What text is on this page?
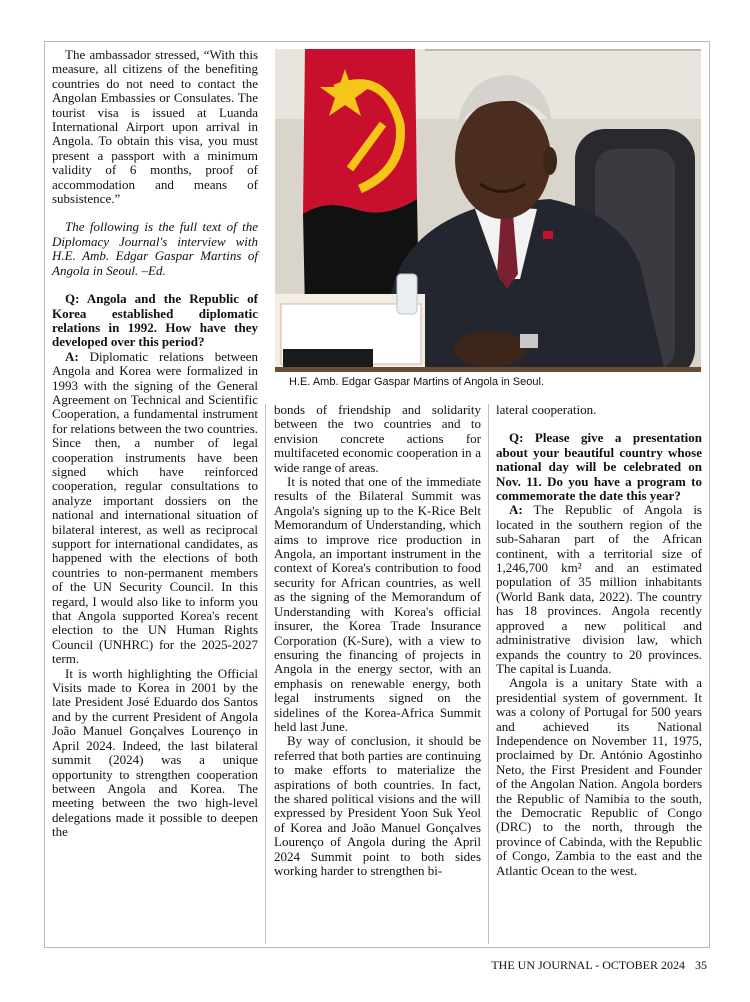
The ambassador stressed, “With this measure, all citizens of the benefiting countries do not need to contact the Angolan Embassies or Consulates. The tourist visa is issued at Luanda International Airport upon arrival in Angola. To obtain this visa, you must present a passport with a minimum validity of 6 months, proof of accommodation and means of subsistence.”

The following is the full text of the Diplomacy Journal's interview with H.E. Amb. Edgar Gaspar Martins of Angola in Seoul. –Ed.

Q: Angola and the Republic of Korea established diplomatic relations in 1992. How have they developed over this period?

A: Diplomatic relations between Angola and Korea were formalized in 1993 with the signing of the General Agreement on Technical and Scientific Cooperation, a fundamental instrument for relations between the two countries. Since then, a number of legal cooperation instruments have been signed which have reinforced cooperation, regular consultations to analyze important dossiers on the national and international situation of bilateral interest, as well as reciprocal support for international candidates, as happened with the elections of both countries to non-permanent members of the UN Security Council. In this regard, I would also like to inform you that Angola supported Korea's recent election to the UN Human Rights Council (UNHRC) for the 2025-2027 term.

It is worth highlighting the Official Visits made to Korea in 2001 by the late President José Eduardo dos Santos and by the current President of Angola João Manuel Gonçalves Lourenço in April 2024. Indeed, the last bilateral summit (2024) was a unique opportunity to strengthen cooperation between Angola and Korea. The meeting between the two high-level delegations made it possible to deepen the

H.E. Amb. Edgar Gaspar Martins of Angola in Seoul.

bonds of friendship and solidarity between the two countries and to envision concrete actions for multifaceted economic cooperation in a wide range of areas.

It is noted that one of the immediate results of the Bilateral Summit was Angola's signing up to the K-Rice Belt Memorandum of Understanding, which aims to improve rice production in Angola, an important instrument in the context of Korea's contribution to food security for African countries, as well as the signing of the Memorandum of Understanding with Korea's official insurer, the Korea Trade Insurance Corporation (K-Sure), with a view to ensuring the financing of projects in Angola in the energy sector, with an emphasis on renewable energy, both legal instruments signed on the sidelines of the Korea-Africa Summit held last June.

By way of conclusion, it should be referred that both parties are continuing to make efforts to materialize the aspirations of both countries. In fact, the shared political visions and the will expressed by President Yoon Suk Yeol of Korea and João Manuel Gonçalves Lourenço of Angola during the April 2024 Summit point to both sides working harder to strengthen bi-

lateral cooperation.

Q: Please give a presentation about your beautiful country whose national day will be celebrated on Nov. 11. Do you have a program to commemorate the date this year?

A: The Republic of Angola is located in the southern region of the sub-Saharan part of the African continent, with a territorial size of 1,246,700 km² and an estimated population of 35 million inhabitants (World Bank data, 2022). The country has 18 provinces. Angola recently approved a new political and administrative division law, which expands the country to 20 provinces. The capital is Luanda.

Angola is a unitary State with a presidential system of government. It was a colony of Portugal for 500 years and achieved its National Independence on November 11, 1975, proclaimed by Dr. António Agostinho Neto, the First President and Founder of the Angolan Nation. Angola borders the Republic of Namibia to the south, the Democratic Republic of Congo (DRC) to the north, through the province of Cabinda, with the Republic of Congo, Zambia to the east and the Atlantic Ocean to the west.

THE UN JOURNAL - OCTOBER 2024 35
